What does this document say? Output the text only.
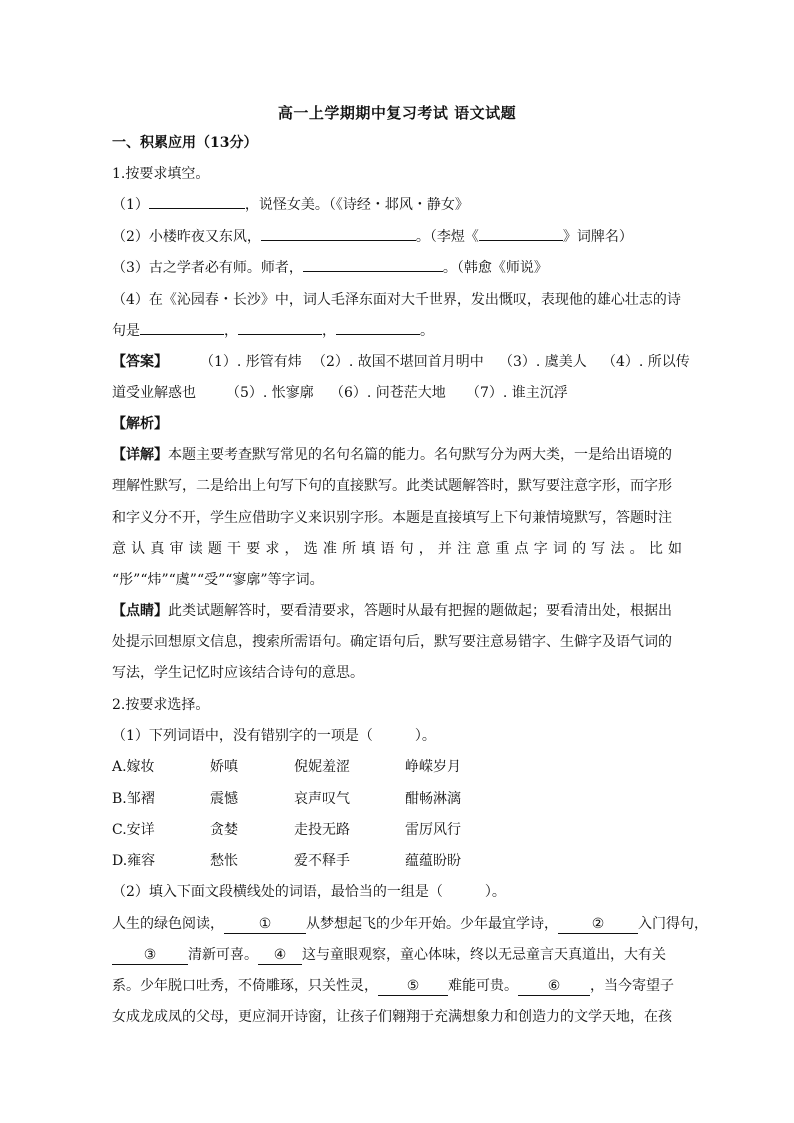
高一上学期期中复习考试 语文试题
一、积累应用（13分）
1.按要求填空。
（1）	，说怪女美。（《诗经・邶风・静女》
（2）小楼昨夜又东风，	。（李煜《	》词牌名）
（3）古之学者必有师。师者，	。（韩愈《师说》
（4）在《沁园春・长沙》中，词人毛泽东面对大千世界，发出慨叹，表现他的雄心壮志的诗
句是	，	，	。
【答案】 （1）. 彤管有炜 （2）. 故国不堪回首月明中 （3）. 虞美人 （4）. 所以传
道受业解惑也 （5）. 怅寥廓 （6）. 问苍茫大地 （7）. 谁主沉浮
【解析】
【详解】本题主要考查默写常见的名句名篇的能力。名句默写分为两大类，一是给出语境的
理解性默写，二是给出上句写下句的直接默写。此类试题解答时，默写要注意字形，而字形
和字义分不开，学生应借助字义来识别字形。本题是直接填写上下句兼情境默写，答题时注
意认真审读题干要求，选准所填语句，并注意重点字词的写法。比如
“彤”“炜”“虞”“受”“寥廓”等字词。
【点睛】此类试题解答时，要看清要求，答题时从最有把握的题做起；要看清出处，根据出
处提示回想原文信息，搜索所需语句。确定语句后，默写要注意易错字、生僻字及语气词的
写法，学生记忆时应该结合诗句的意思。
2.按要求选择。
（1）下列词语中，没有错别字的一项是（　　　）。
A.嫁妆	娇嗔	倪妮羞涩	峥嵘岁月
B.邹褶	震憾	哀声叹气	酣畅淋漓
C.安详	贪婪	走投无路	雷厉风行
D.雍容	愁怅	爱不释手	蕴蕴盼盼
（2）填入下面文段横线处的词语，最恰当的一组是（　　　）。
人生的绿色阅读， ① 从梦想起飞的少年开始。少年最宜学诗， ② 入门得句，
③ 清新可喜。 ④ 这与童眼观察，童心体味，终以无忌童言天真道出，大有关
系。少年脱口吐秀，不倚雕琢，只关性灵， ⑤ 难能可贵。 ⑥ ，当今寄望子
女成龙成凤的父母，更应洞开诗窗，让孩子们翱翔于充满想象力和创造力的文学天地，在孩
